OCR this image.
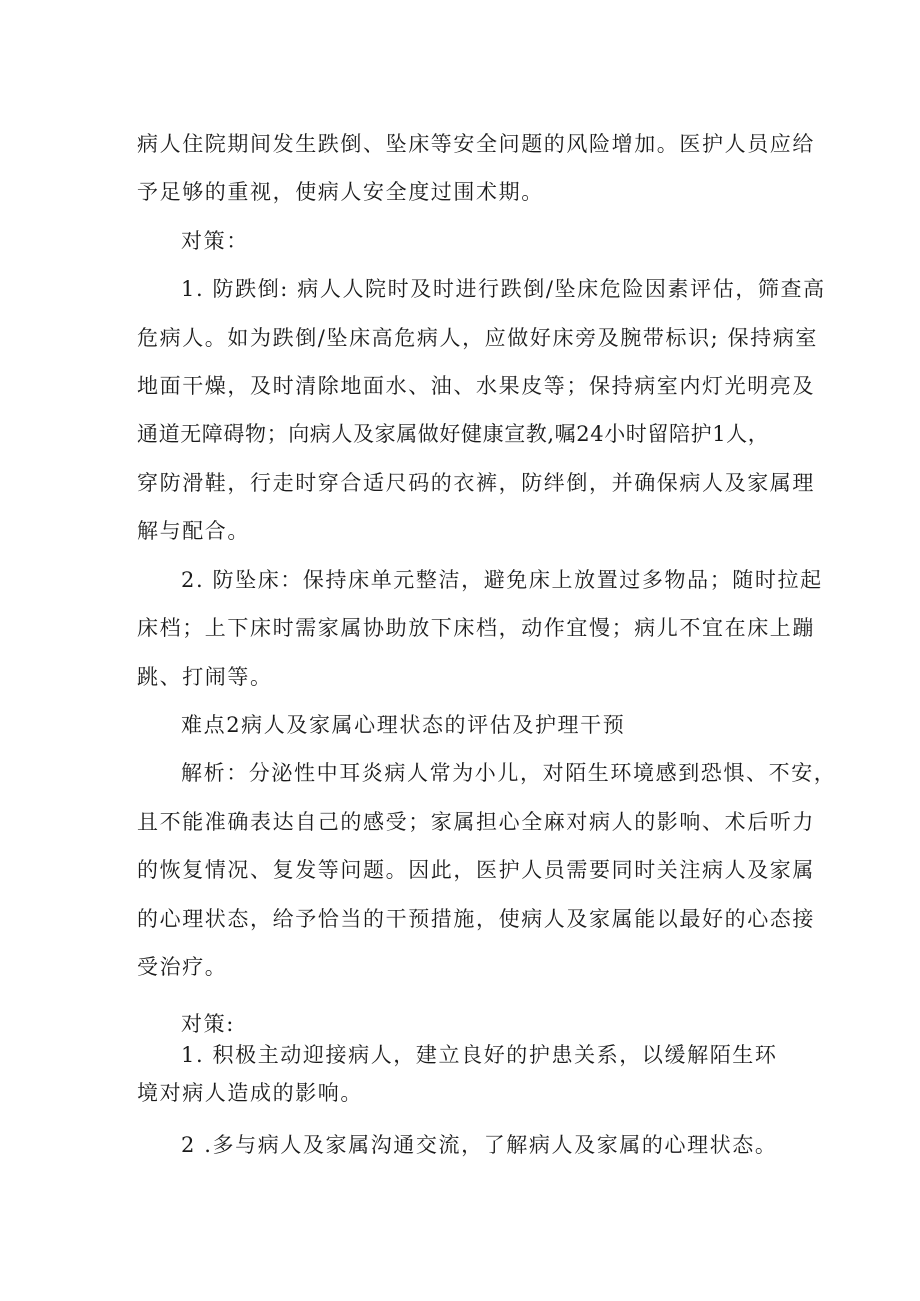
病人住院期间发生跌倒、坠床等安全问题的风险增加。医护人员应给
予足够的重视，使病人安全度过围术期。
对策：
1. 防跌倒: 病人人院时及时进行跌倒/坠床危险因素评估，筛查高
危病人。如为跌倒/坠床高危病人，应做好床旁及腕带标识; 保持病室
地面干燥，及时清除地面水、油、水果皮等；保持病室内灯光明亮及
通道无障碍物；向病人及家属做好健康宣教,嘱24小时留陪护1人，
穿防滑鞋，行走时穿合适尺码的衣裤，防绊倒，并确保病人及家属理
解与配合。
2. 防坠床：保持床单元整洁，避免床上放置过多物品；随时拉起
床档；上下床时需家属协助放下床档，动作宜慢；病儿不宜在床上蹦
跳、打闹等。
难点2病人及家属心理状态的评估及护理干预
解析：分泌性中耳炎病人常为小儿，对陌生环境感到恐惧、不安，
且不能准确表达自己的感受；家属担心全麻对病人的影响、术后听力
的恢复情况、复发等问题。因此，医护人员需要同时关注病人及家属
的心理状态，给予恰当的干预措施，使病人及家属能以最好的心态接
受治疗。
对策:
1. 积极主动迎接病人，建立良好的护患关系，以缓解陌生环
境对病人造成的影响。
2 .多与病人及家属沟通交流，了解病人及家属的心理状态。
